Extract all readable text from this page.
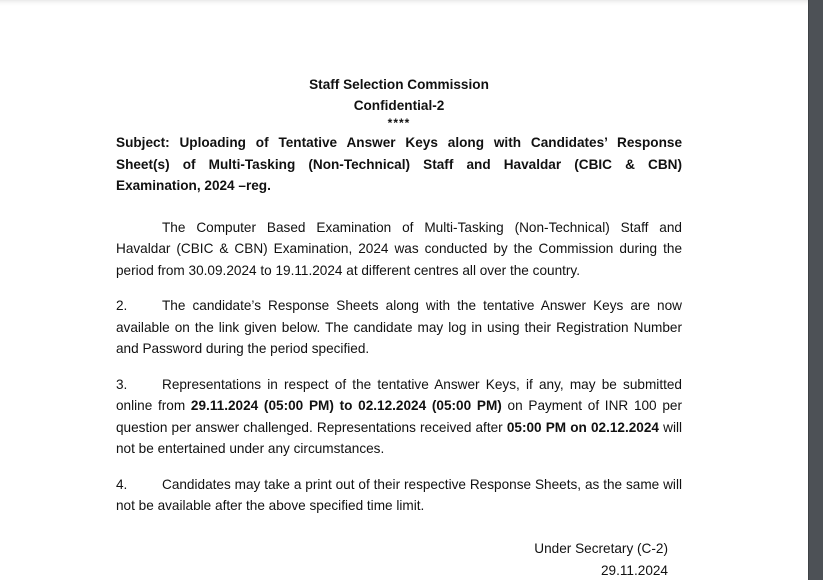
Staff Selection Commission
Confidential-2
****

Subject: Uploading of Tentative Answer Keys along with Candidates’ Response Sheet(s) of Multi-Tasking (Non-Technical) Staff and Havaldar (CBIC & CBN) Examination, 2024 –reg.

The Computer Based Examination of Multi-Tasking (Non-Technical) Staff and Havaldar (CBIC & CBN) Examination, 2024 was conducted by the Commission during the period from 30.09.2024 to 19.11.2024 at different centres all over the country.

2.	The candidate’s Response Sheets along with the tentative Answer Keys are now available on the link given below. The candidate may log in using their Registration Number and Password during the period specified.

3.	Representations in respect of the tentative Answer Keys, if any, may be submitted online from 29.11.2024 (05:00 PM) to 02.12.2024 (05:00 PM) on Payment of INR 100 per question per answer challenged. Representations received after 05:00 PM on 02.12.2024 will not be entertained under any circumstances.

4.	Candidates may take a print out of their respective Response Sheets, as the same will not be available after the above specified time limit.

Under Secretary (C-2)
29.11.2024
